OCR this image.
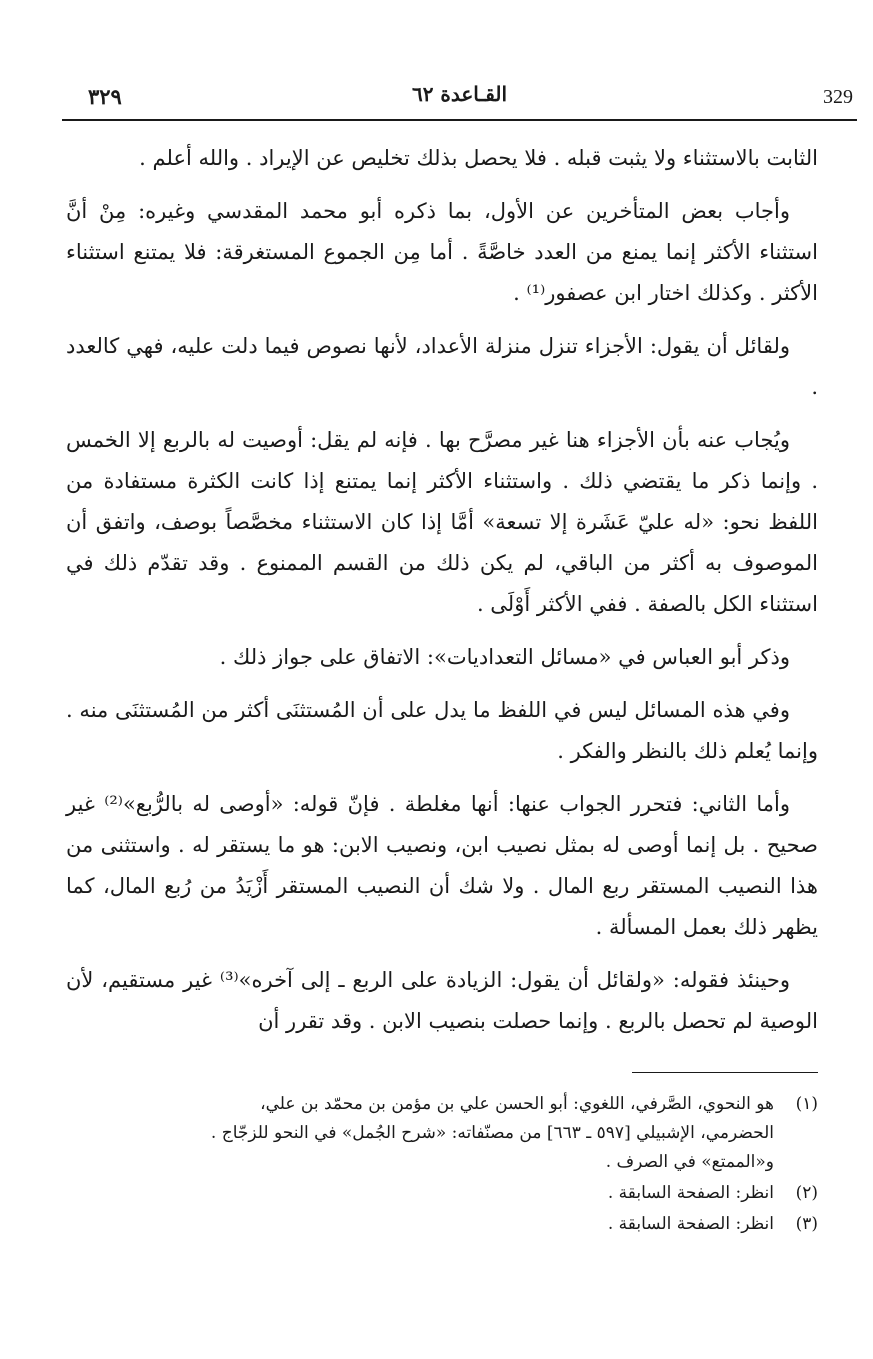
329
القـاعدة ٦٢
٣٢٩

الثابت بالاستثناء ولا يثبت قبله . فلا يحصل بذلك تخليص عن الإيراد . والله أعلم .

وأجاب بعض المتأخرين عن الأول، بما ذكره أبو محمد المقدسي وغيره: مِنْ أنَّ استثناء الأكثر إنما يمنع من العدد خاصَّةً . أما مِن الجموع المستغرقة: فلا يمتنع استثناء الأكثر . وكذلك اختار ابن عصفور⁽¹⁾ .

ولقائل أن يقول: الأجزاء تنزل منزلة الأعداد، لأنها نصوص فيما دلت عليه، فهي كالعدد .

ويُجاب عنه بأن الأجزاء هنا غير مصرَّح بها . فإنه لم يقل: أوصيت له بالربع إلا الخمس . وإنما ذكر ما يقتضي ذلك . واستثناء الأكثر إنما يمتنع إذا كانت الكثرة مستفادة من اللفظ نحو: «له عليّ عَشَرة إلا تسعة» أمَّا إذا كان الاستثناء مخصَّصاً بوصف، واتفق أن الموصوف به أكثر من الباقي، لم يكن ذلك من القسم الممنوع . وقد تقدّم ذلك في استثناء الكل بالصفة . ففي الأكثر أَوْلَى .

وذكر أبو العباس في «مسائل التعداديات»: الاتفاق على جواز ذلك .

وفي هذه المسائل ليس في اللفظ ما يدل على أن المُستثنَى أكثر من المُستثنَى منه . وإنما يُعلم ذلك بالنظر والفكر .

وأما الثاني: فتحرر الجواب عنها: أنها مغلطة . فإنّ قوله: «أوصى له بالرُّبع»⁽²⁾ غير صحيح . بل إنما أوصى له بمثل نصيب ابن، ونصيب الابن: هو ما يستقر له . واستثنى من هذا النصيب المستقر ربع المال . ولا شك أن النصيب المستقر أَزْيَدُ من رُبع المال، كما يظهر ذلك بعمل المسألة .

وحينئذ فقوله: «ولقائل أن يقول: الزيادة على الربع ـ إلى آخره»⁽³⁾ غير مستقيم، لأن الوصية لم تحصل بالربع . وإنما حصلت بنصيب الابن . وقد تقرر أن

(١)
هو النحوي، الصَّرفي، اللغوي: أبو الحسن علي بن مؤمن بن محمّد بن علي،
الحضرمي، الإشبيلي [٥٩٧ ـ ٦٦٣] من مصنّفاته: «شرح الجُمل» في النحو للزجّاج .
و«الممتع» في الصرف .
(٢)
انظر: الصفحة السابقة .
(٣)
انظر: الصفحة السابقة .
